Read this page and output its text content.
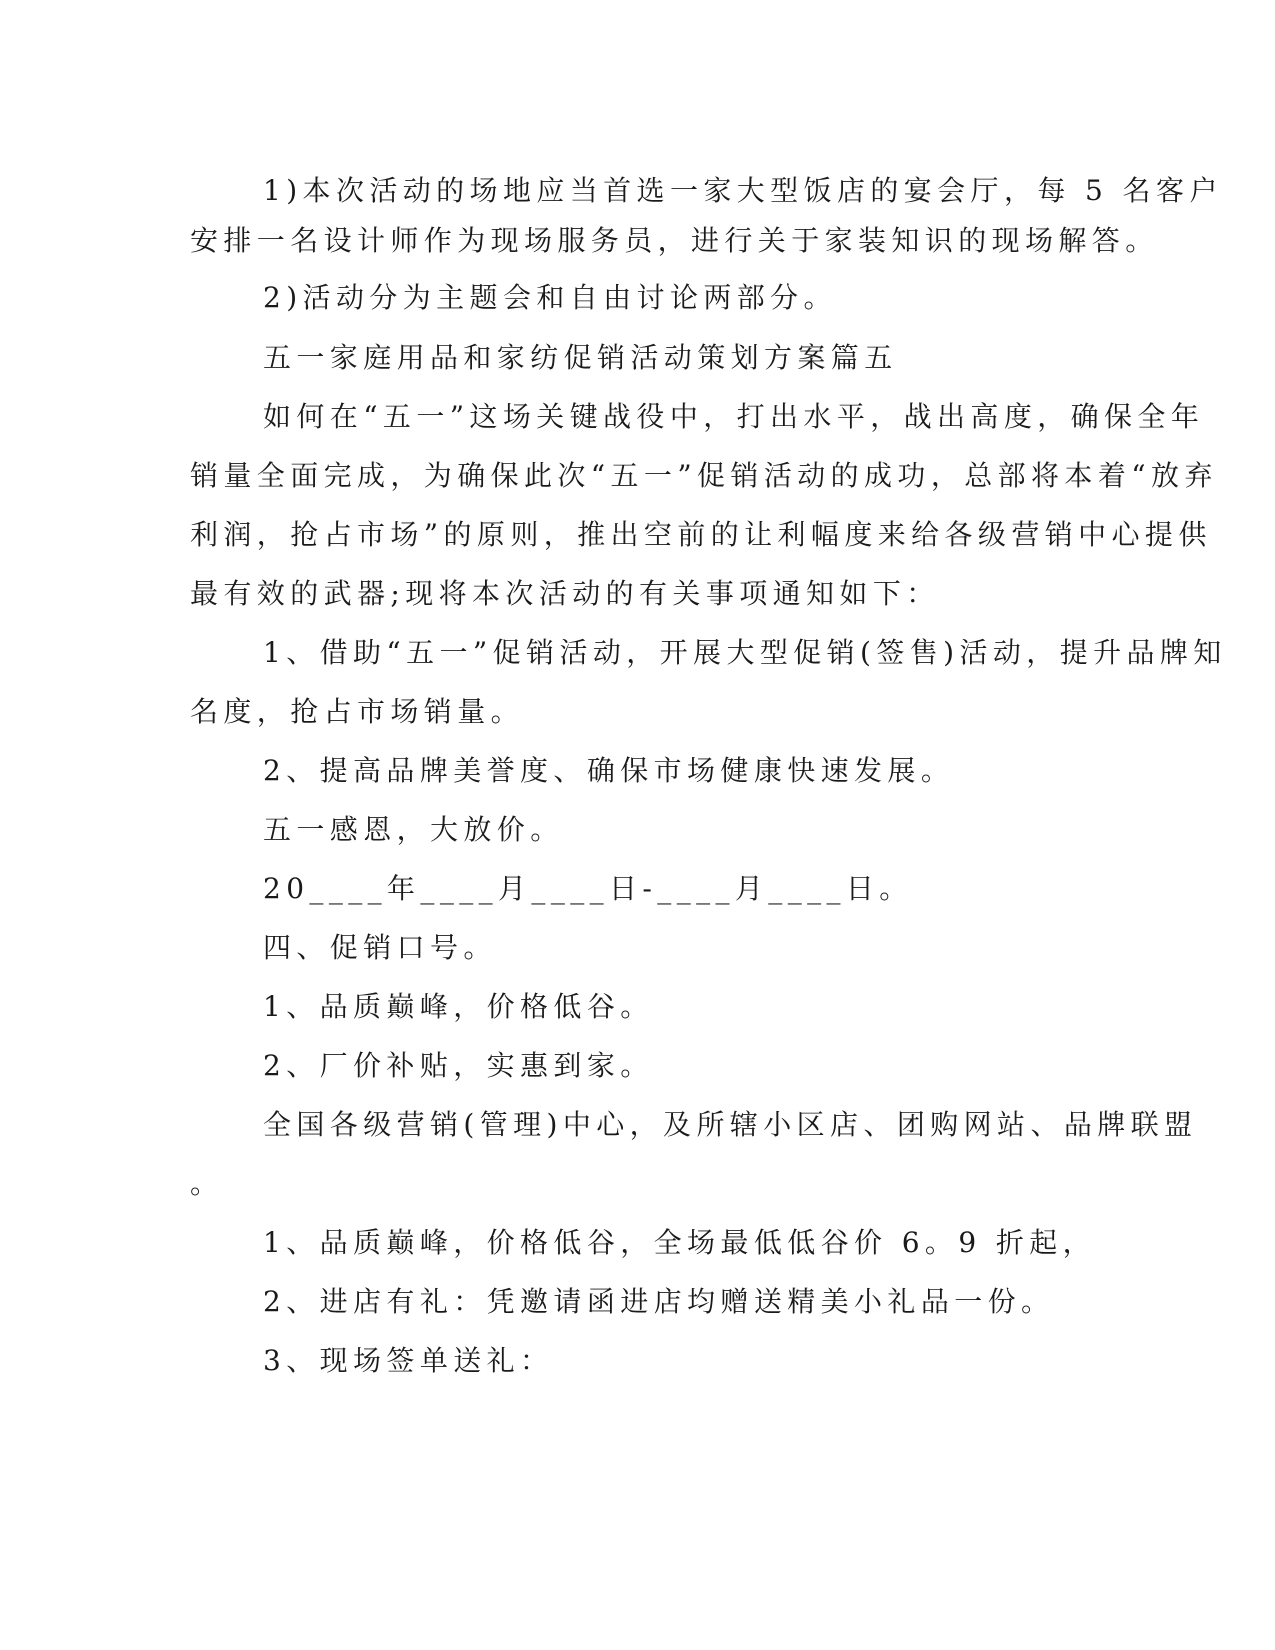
1)本次活动的场地应当首选一家大型饭店的宴会厅，每 5 名客户
安排一名设计师作为现场服务员，进行关于家装知识的现场解答。
2)活动分为主题会和自由讨论两部分。
五一家庭用品和家纺促销活动策划方案篇五
如何在“五一”这场关键战役中，打出水平，战出高度，确保全年
销量全面完成，为确保此次“五一”促销活动的成功，总部将本着“放弃
利润，抢占市场”的原则，推出空前的让利幅度来给各级营销中心提供
最有效的武器;现将本次活动的有关事项通知如下：
1、借助“五一”促销活动，开展大型促销(签售)活动，提升品牌知
名度，抢占市场销量。
2、提高品牌美誉度、确保市场健康快速发展。
五一感恩，大放价。
20____年____月____日-____月____日。
四、促销口号。
1、品质巅峰，价格低谷。
2、厂价补贴，实惠到家。
全国各级营销(管理)中心，及所辖小区店、团购网站、品牌联盟
。
1、品质巅峰，价格低谷，全场最低低谷价 6。9 折起，
2、进店有礼：凭邀请函进店均赠送精美小礼品一份。
3、现场签单送礼：
